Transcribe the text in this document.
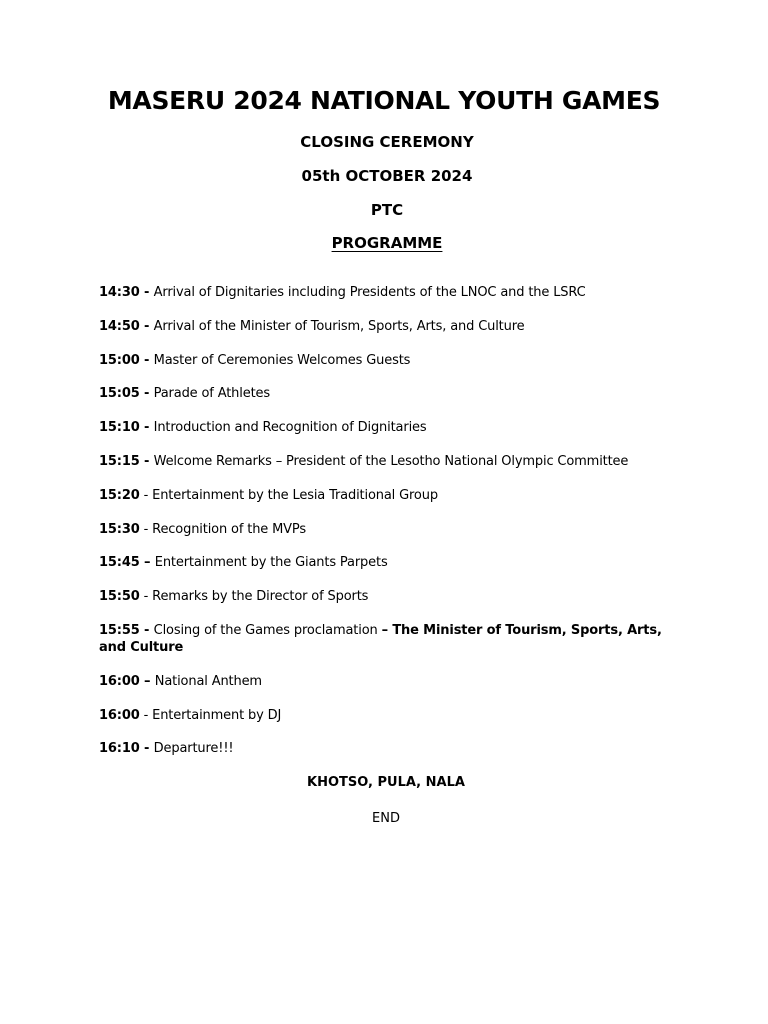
MASERU 2024 NATIONAL YOUTH GAMES

CLOSING CEREMONY

05th OCTOBER 2024

PTC

PROGRAMME

14:30 - Arrival of Dignitaries including Presidents of the LNOC and the LSRC
14:50 - Arrival of the Minister of Tourism, Sports, Arts, and Culture
15:00 - Master of Ceremonies Welcomes Guests
15:05 - Parade of Athletes
15:10 - Introduction and Recognition of Dignitaries
15:15 - Welcome Remarks – President of the Lesotho National Olympic Committee
15:20 - Entertainment by the Lesia Traditional Group
15:30 - Recognition of the MVPs
15:45 – Entertainment by the Giants Parpets
15:50 - Remarks by the Director of Sports
15:55 - Closing of the Games proclamation – The Minister of Tourism, Sports, Arts, and Culture
16:00 – National Anthem
16:00 - Entertainment by DJ
16:10 - Departure!!!

KHOTSO, PULA, NALA

END
